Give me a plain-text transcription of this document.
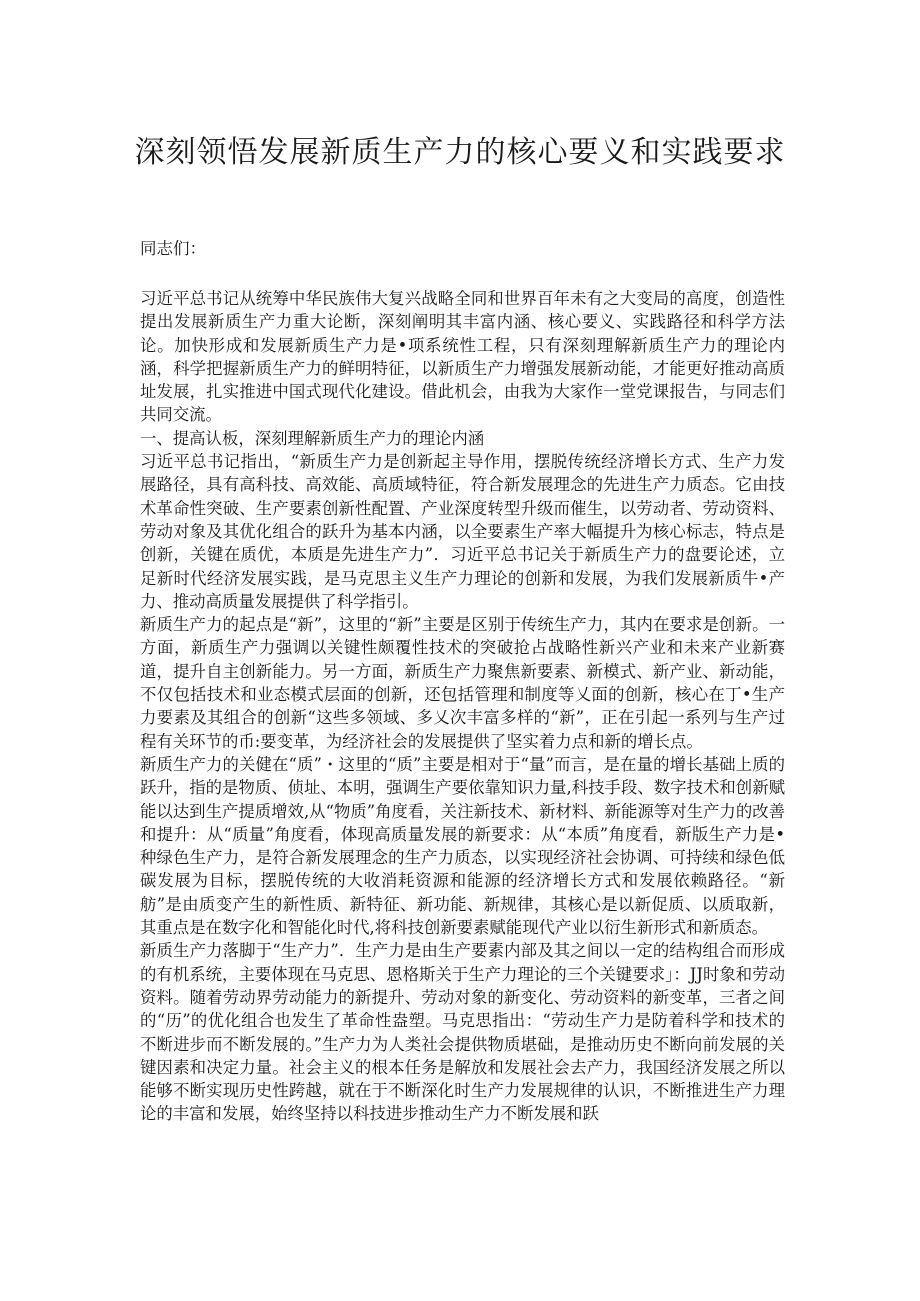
深刻领悟发展新质生产力的核心要义和实践要求

同志们：

习近平总书记从统筹中华民族伟大复兴战略全同和世界百年未有之大变局的高度，创造性提出发展新质生产力重大论断，深刻阐明其丰富内涵、核心要义、实践路径和科学方法论。加快形成和发展新质生产力是•项系统性工程，只有深刻理解新质生产力的理论内涵，科学把握新质生产力的鲜明特征，以新质生产力增强发展新动能，才能更好推动高质址发展，扎实推进中国式现代化建设。借此机会，由我为大家作一堂党课报告，与同志们共同交流。

一、提高认板，深刻理解新质生产力的理论内涵

习近平总书记指出，“新质生产力是创新起主导作用，摆脱传统经济增长方式、生产力发展路径，具有高科技、高效能、高质域特征，符合新发展理念的先进生产力质态。它由技术革命性突破、生产要素创新性配置、产业深度转型升级而催生，以劳动者、劳动资料、劳动对象及其优化组合的跃升为基本内涵，以全要素生产率大幅提升为核心标志，特点是创新，关键在质优，本质是先进生产力”．习近平总书记关于新质生产力的盘要论述，立足新时代经济发展实践，是马克思主义生产力理论的创新和发展，为我们发展新质牛•产力、推动高质量发展提供了科学指引。

新质生产力的起点是“新”，这里的“新”主要是区别于传统生产力，其内在要求是创新。一方面，新质生产力强调以关键性颇覆性技术的突破抢占战略性新兴产业和未来产业新赛道，提升自主创新能力。另一方面，新质生产力聚焦新要素、新模式、新产业、新动能，不仅包括技术和业态模式层面的创新，还包括管理和制度等乂面的创新，核心在丁•生产力要素及其组合的创新“这些多领域、多乂次丰富多样的“新”，正在引起一系列与生产过程有关环节的币:要变革，为经济社会的发展提供了坚实着力点和新的增长点。

新质生产力的关健在“质”・这里的“质”主要是相对于“量”而言，是在量的增长基础上质的跃升，指的是物质、侦址、本明，强调生产要依靠知识力量,科技手段、数字技术和创新赋能以达到生产提质增效,从“物质”角度看，关注新技术、新材料、新能源等对生产力的改善和提升：从“质量”角度看，体现高质量发展的新要求：从“本质”角度看，新版生产力是•种绿色生产力，是符合新发展理念的生产力质态，以实现经济社会协调、可持续和绿色低碳发展为目标，摆脱传统的大收消耗资源和能源的经济增长方式和发展依赖路径。“新舫”是由质变产生的新性质、新特征、新功能、新规律，其核心是以新促质、以质取新，其重点是在数字化和智能化时代,将科技创新要素赋能现代产业以衍生新形式和新质态。

新质生产力落脚于“生产力”．生产力是由生产要素内部及其之间以一定的结构组合而形成的有机系统，主要体现在马克思、恩格斯关于生产力理论的三个关键要求」：JJ时象和劳动资料。随着劳动界劳动能力的新提升、劳动对象的新变化、劳动资料的新变革，三者之间的“历”的优化组合也发生了革命性盎塑。马克思指出：“劳动生产力是防着科学和技术的不断进步而不断发展的。”生产力为人类社会提供物质堪础，是推动历史不断向前发展的关键因素和决定力量。社会主义的根本任务是解放和发展社会去产力，我国经济发展之所以能够不断实现历史性跨越，就在于不断深化时生产力发展规律的认识，不断推进生产力理论的丰富和发展，始终坚持以科技进步推动生产力不断发展和跃
